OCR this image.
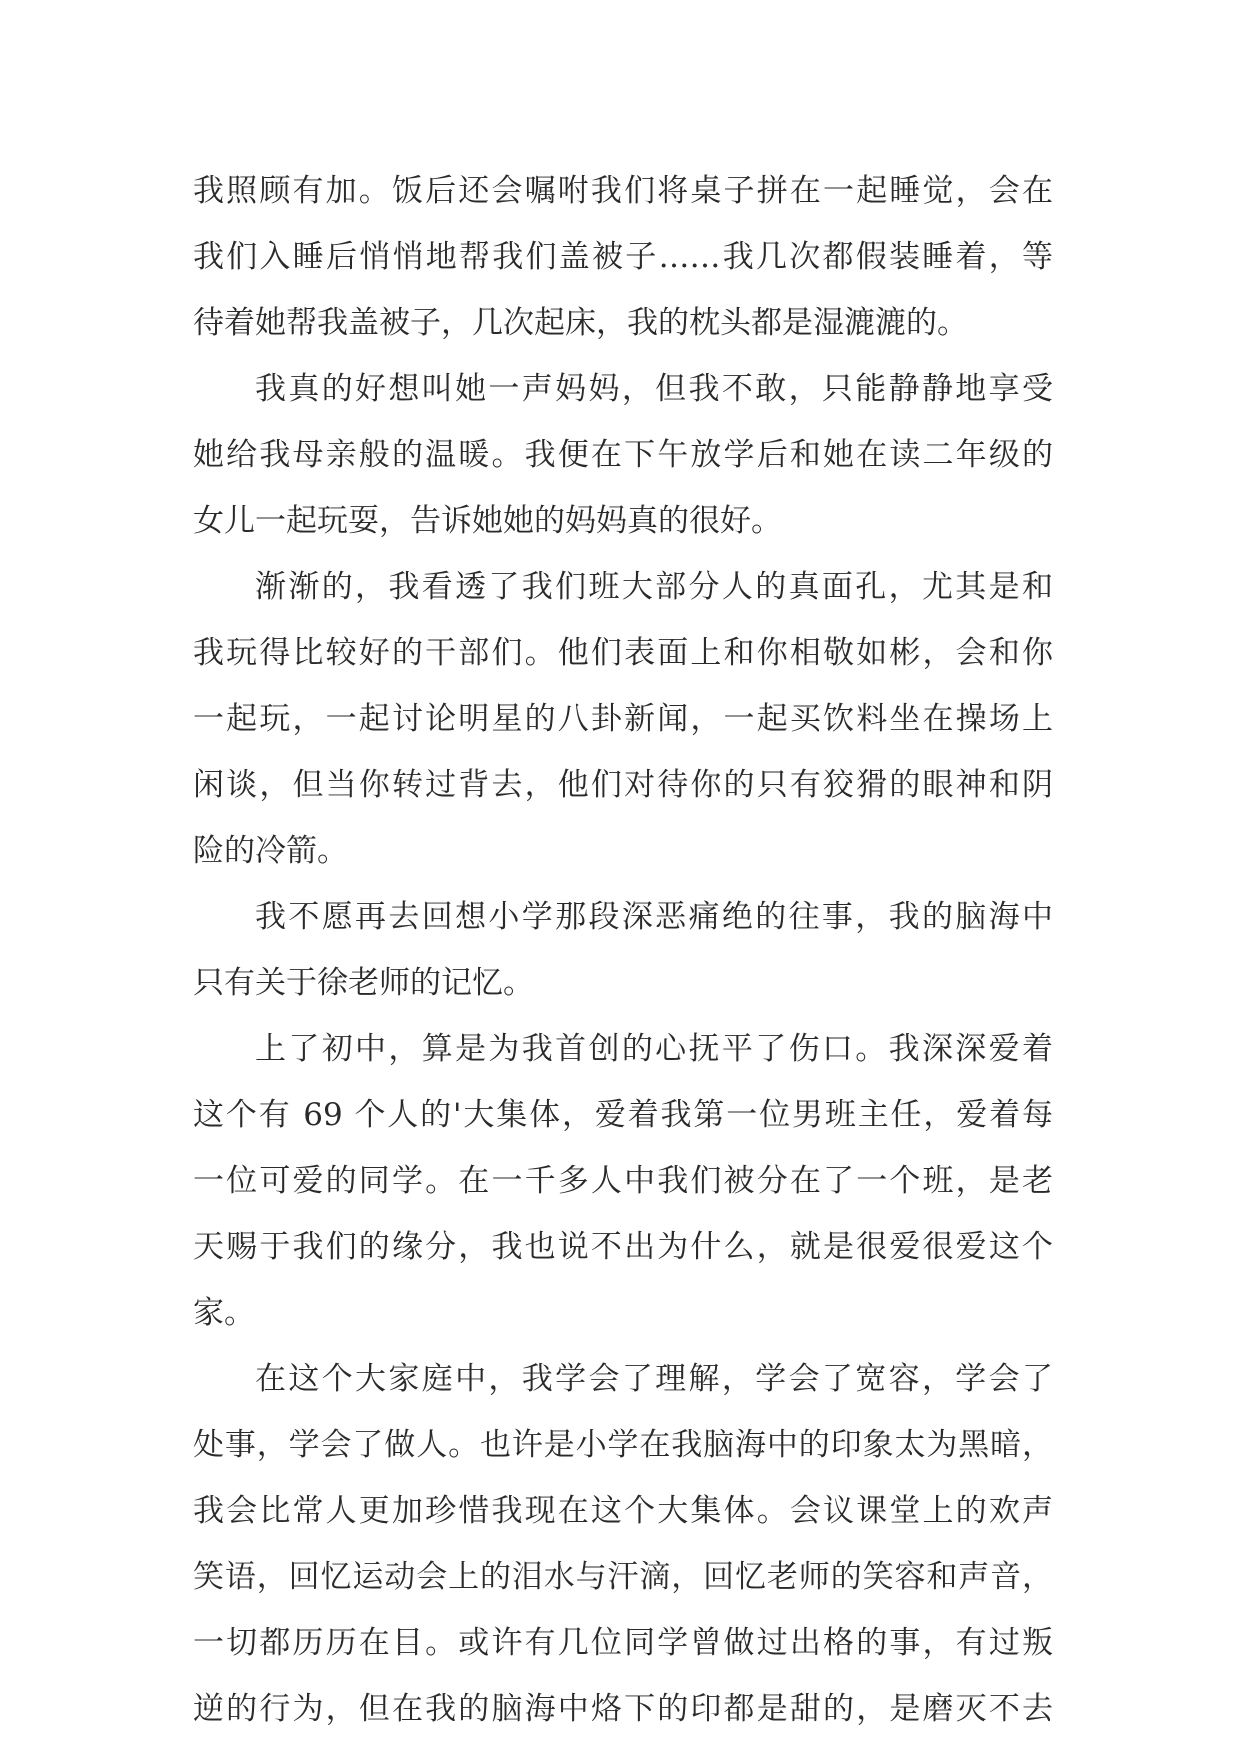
我照顾有加。饭后还会嘱咐我们将桌子拼在一起睡觉，会在
我们入睡后悄悄地帮我们盖被子……我几次都假装睡着，等
待着她帮我盖被子，几次起床，我的枕头都是湿漉漉的。
我真的好想叫她一声妈妈，但我不敢，只能静静地享受
她给我母亲般的温暖。我便在下午放学后和她在读二年级的
女儿一起玩耍，告诉她她的妈妈真的很好。
渐渐的，我看透了我们班大部分人的真面孔，尤其是和
我玩得比较好的干部们。他们表面上和你相敬如彬，会和你
一起玩，一起讨论明星的八卦新闻，一起买饮料坐在操场上
闲谈，但当你转过背去，他们对待你的只有狡猾的眼神和阴
险的冷箭。
我不愿再去回想小学那段深恶痛绝的往事，我的脑海中
只有关于徐老师的记忆。
上了初中，算是为我首创的心抚平了伤口。我深深爱着
这个有 69 个人的'大集体，爱着我第一位男班主任，爱着每
一位可爱的同学。在一千多人中我们被分在了一个班，是老
天赐于我们的缘分，我也说不出为什么，就是很爱很爱这个
家。
在这个大家庭中，我学会了理解，学会了宽容，学会了
处事，学会了做人。也许是小学在我脑海中的印象太为黑暗，
我会比常人更加珍惜我现在这个大集体。会议课堂上的欢声
笑语，回忆运动会上的泪水与汗滴，回忆老师的笑容和声音，
一切都历历在目。或许有几位同学曾做过出格的事，有过叛
逆的行为，但在我的脑海中烙下的印都是甜的，是磨灭不去
